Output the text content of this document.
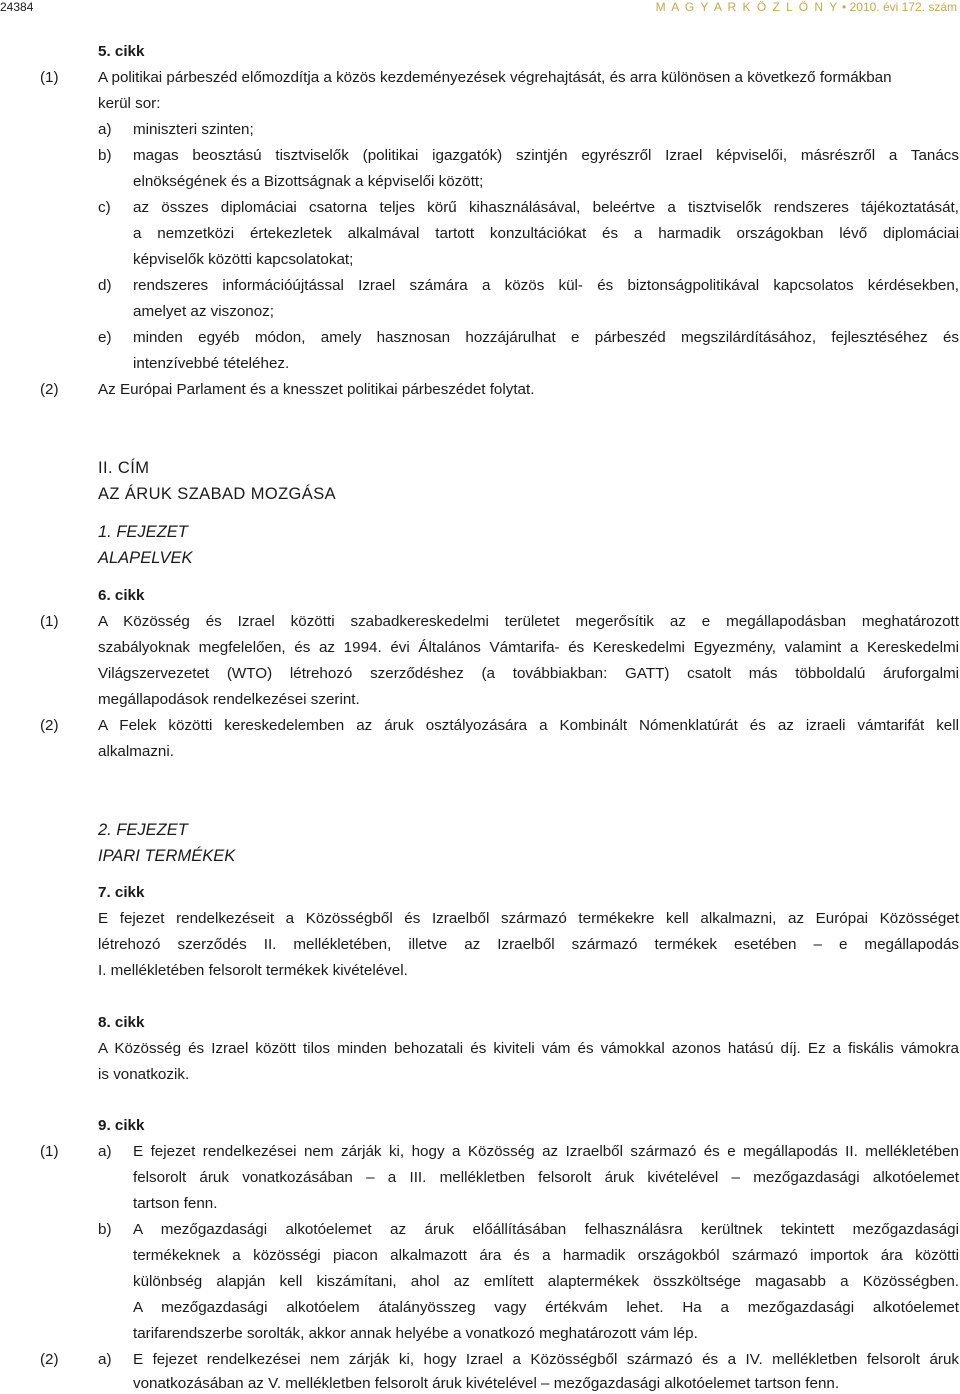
24384	M A G Y A R K Ö Z L Ö N Y • 2010. évi 172. szám
5. cikk
(1)	A politikai párbeszéd előmozdítja a közös kezdeményezések végrehajtását, és arra különösen a következő formákban
kerül sor:
a) miniszteri szinten;
b) magas beosztású tisztviselők (politikai igazgatók) szintjén egyrészről Izrael képviselői, másrészről a Tanács
elnökségének és a Bizottságnak a képviselői között;
c) az összes diplomáciai csatorna teljes körű kihasználásával, beleértve a tisztviselők rendszeres tájékoztatását,
a nemzetközi értekezletek alkalmával tartott konzultációkat és a harmadik országokban lévő diplomáciai
képviselők közötti kapcsolatokat;
d) rendszeres információújtással Izrael számára a közös kül- és biztonságpolitikával kapcsolatos kérdésekben,
amelyet az viszonoz;
e) minden egyéb módon, amely hasznosan hozzájárulhat e párbeszéd megszilárdításához, fejlesztéséhez és
intenzívebbé tételéhez.
(2)	Az Európai Parlament és a knesszet politikai párbeszédet folytat.
II. CÍM
AZ ÁRUK SZABAD MOZGÁSA
1. FEJEZET
ALAPELVEK
6. cikk
(1)	A Közösség és Izrael közötti szabadkereskedelmi területet megerősítik az e megállapodásban meghatározott
szabályoknak megfelelően, és az 1994. évi Általános Vámtarifa- és Kereskedelmi Egyezmény, valamint a Kereskedelmi
Világszervezetet (WTO) létrehozó szerződéshez (a továbbiakban: GATT) csatolt más többoldalú áruforgalmi
megállapodások rendelkezései szerint.
(2)	A Felek közötti kereskedelemben az áruk osztályozására a Kombinált Nómenklatúrát és az izraeli vámtarifát kell
alkalmazni.
2. FEJEZET
IPARI TERMÉKEK
7. cikk
E fejezet rendelkezéseit a Közösségből és Izraelből származó termékekre kell alkalmazni, az Európai Közösséget
létrehozó szerződés II. mellékletében, illetve az Izraelből származó termékek esetében – e megállapodás
I. mellékletében felsorolt termékek kivételével.
8. cikk
A Közösség és Izrael között tilos minden behozatali és kiviteli vám és vámokkal azonos hatású díj. Ez a fiskális vámokra
is vonatkozik.
9. cikk
(1)	a) E fejezet rendelkezései nem zárják ki, hogy a Közösség az Izraelből származó és e megállapodás II. mellékletében
felsorolt áruk vonatkozásában – a III. mellékletben felsorolt áruk kivételével – mezőgazdasági alkotóelemet
tartson fenn.
b) A mezőgazdasági alkotóelemet az áruk előállításában felhasználásra kerültnek tekintett mezőgazdasági
termékeknek a közösségi piacon alkalmazott ára és a harmadik országokból származó importok ára közötti
különbség alapján kell kiszámítani, ahol az említett alaptermékek összköltsége magasabb a Közösségben.
A mezőgazdasági alkotóelem átalányösszeg vagy értékvám lehet. Ha a mezőgazdasági alkotóelemet
tarifarendszerbe sorolták, akkor annak helyébe a vonatkozó meghatározott vám lép.
(2)	a) E fejezet rendelkezései nem zárják ki, hogy Izrael a Közösségből származó és a IV. mellékletben felsorolt áruk
vonatkozásában az V. mellékletben felsorolt áruk kivételével – mezőgazdasági alkotóelemet tartson fenn.
